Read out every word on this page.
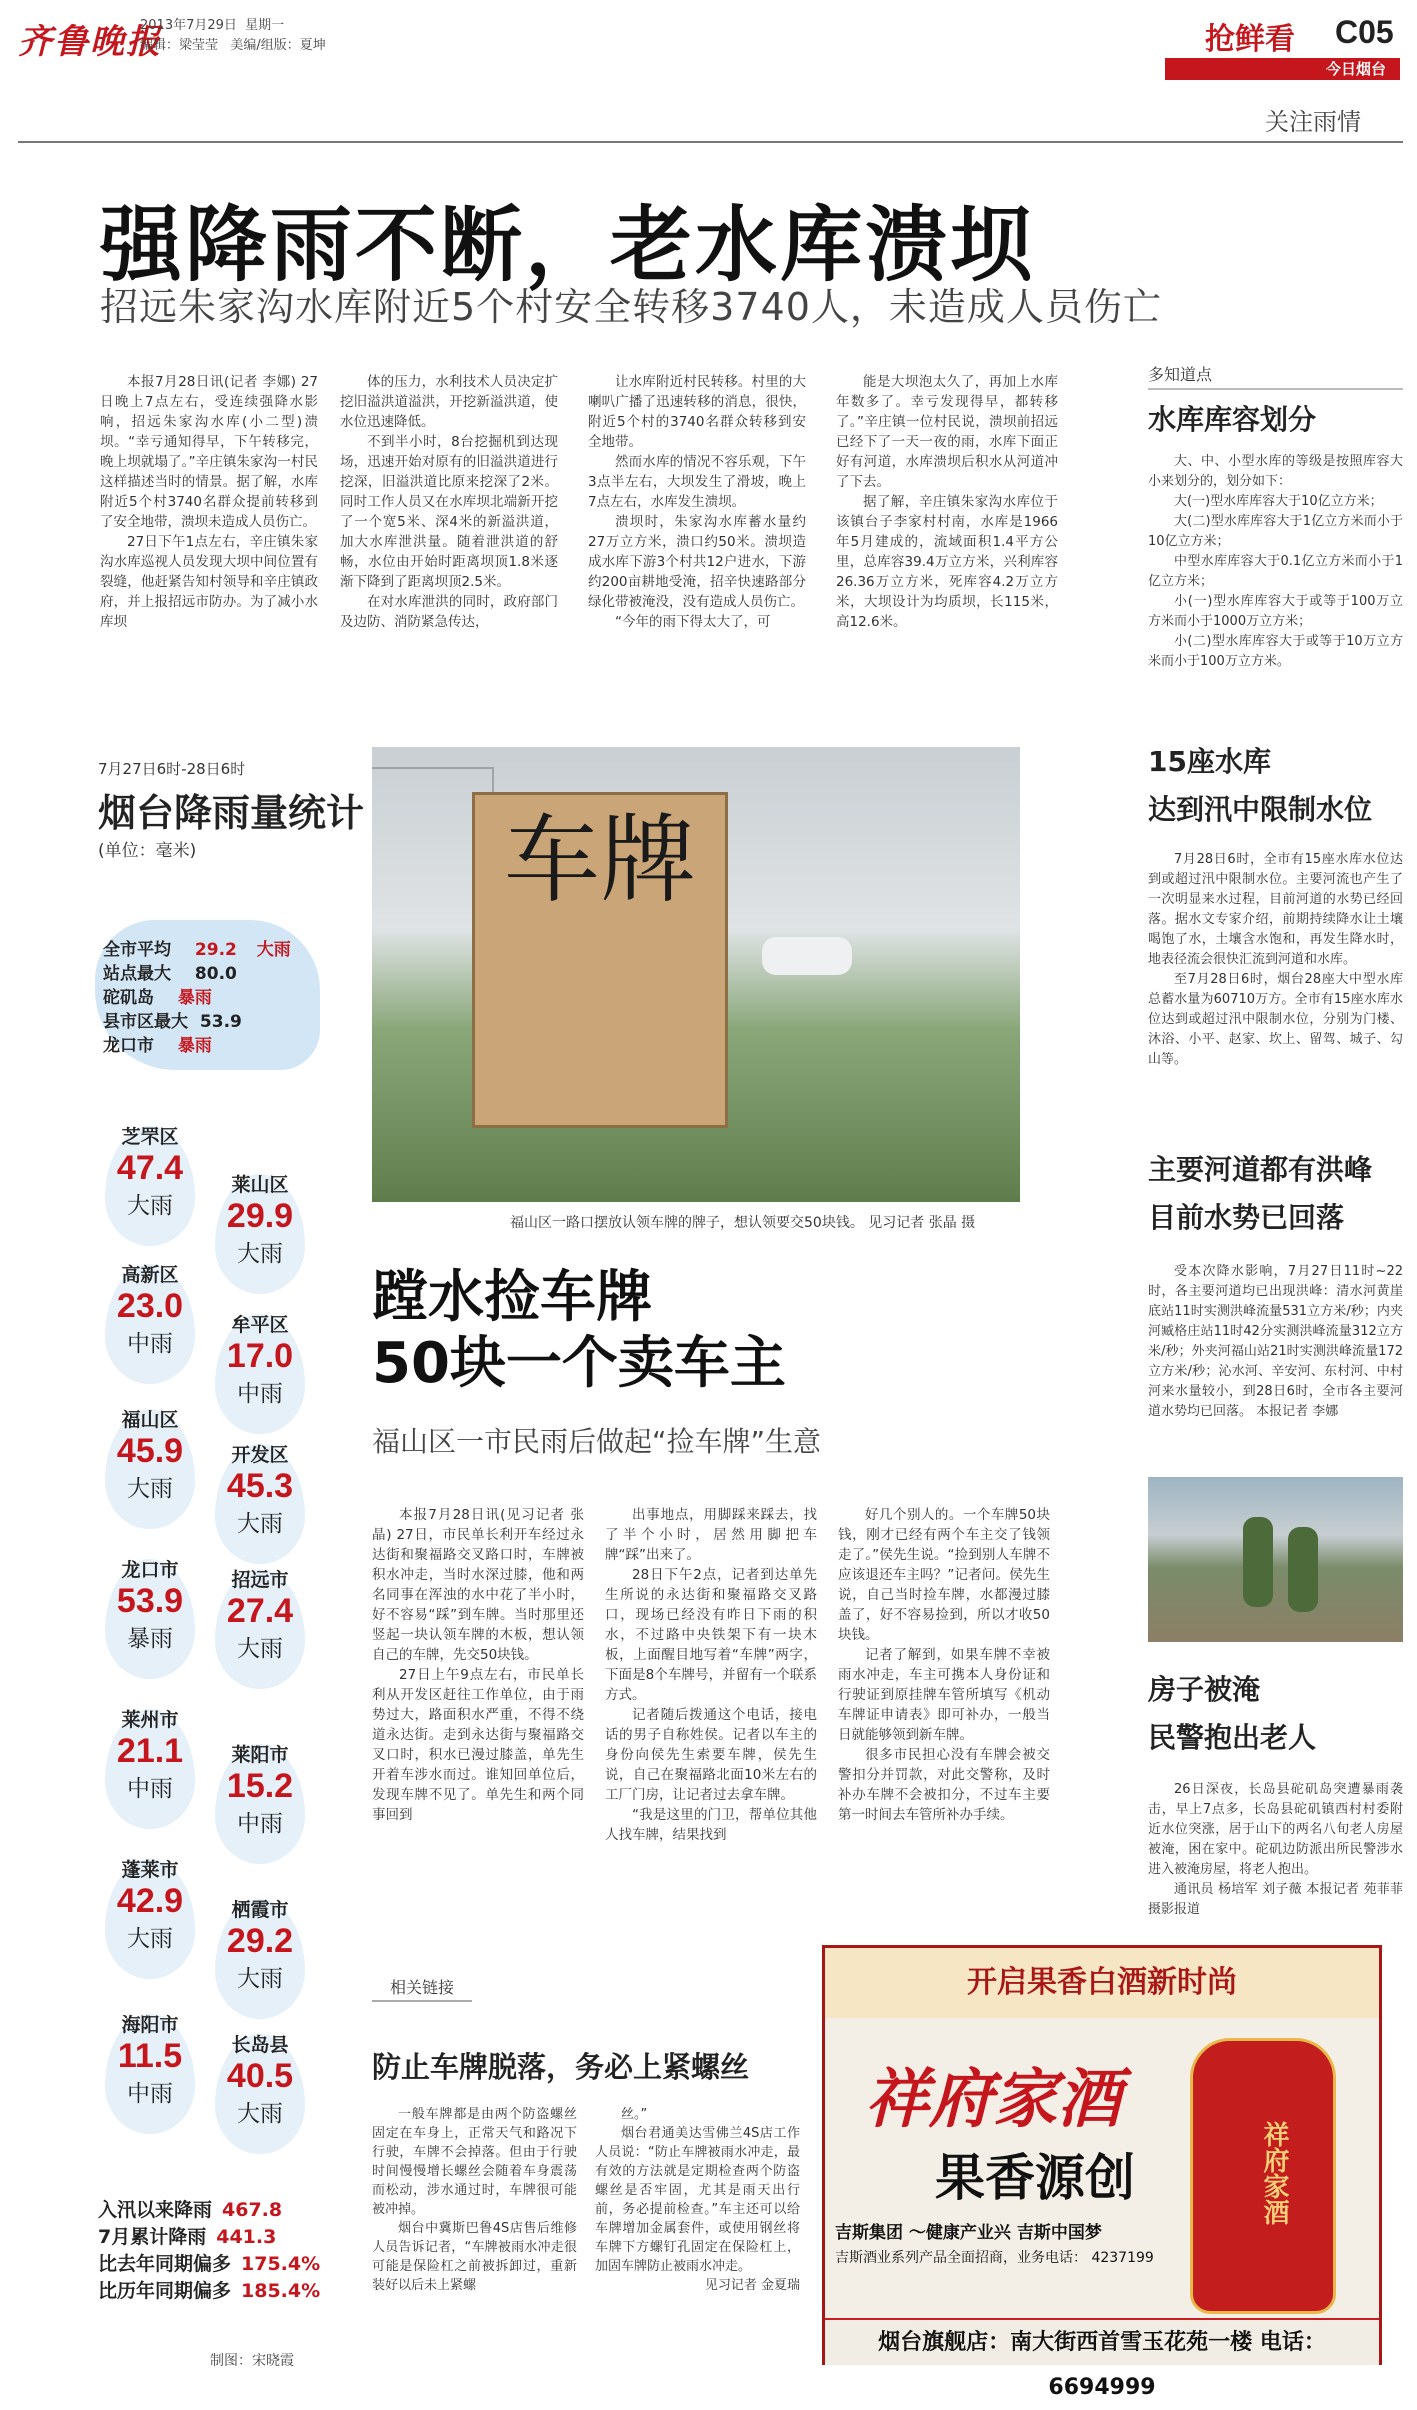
齐鲁晚报
2013年7月29日  星期一
编辑：梁莹莹   美编/组版：夏坤	抢鲜看 C05
今日烟台
关注雨情
强降雨不断，老水库溃坝
招远朱家沟水库附近5个村安全转移3740人，未造成人员伤亡

本报7月28日讯(记者 李娜) 27日晚上7点左右，受连续强降水影响，招远朱家沟水库(小二型)溃坝。“幸亏通知得早，下午转移完，晚上坝就塌了。”辛庄镇朱家沟一村民这样描述当时的情景。据了解，水库附近5个村3740名群众提前转移到了安全地带，溃坝未造成人员伤亡。

27日下午1点左右，辛庄镇朱家沟水库巡视人员发现大坝中间位置有裂缝，他赶紧告知村领导和辛庄镇政府，并上报招远市防办。为了减小水库坝

体的压力，水利技术人员决定扩挖旧溢洪道溢洪，开挖新溢洪道，使水位迅速降低。

不到半小时，8台挖掘机到达现场，迅速开始对原有的旧溢洪道进行挖深，旧溢洪道比原来挖深了2米。同时工作人员又在水库坝北端新开挖了一个宽5米、深4米的新溢洪道，加大水库泄洪量。随着泄洪道的舒畅，水位由开始时距离坝顶1.8米逐渐下降到了距离坝顶2.5米。

在对水库泄洪的同时，政府部门及边防、消防紧急传达，

让水库附近村民转移。村里的大喇叭广播了迅速转移的消息，很快，附近5个村的3740名群众转移到安全地带。

然而水库的情况不容乐观，下午3点半左右，大坝发生了滑坡，晚上7点左右，水库发生溃坝。

溃坝时，朱家沟水库蓄水量约27万立方米，溃口约50米。溃坝造成水库下游3个村共12户进水，下游约200亩耕地受淹，招辛快速路部分绿化带被淹没，没有造成人员伤亡。

“今年的雨下得太大了，可

能是大坝泡太久了，再加上水库年数多了。幸亏发现得早，都转移了。”辛庄镇一位村民说，溃坝前招远已经下了一天一夜的雨，水库下面正好有河道，水库溃坝后积水从河道冲了下去。

据了解，辛庄镇朱家沟水库位于该镇台子李家村村南，水库是1966年5月建成的，流域面积1.4平方公里，总库容39.4万立方米，兴利库容26.36万立方米，死库容4.2万立方米，大坝设计为均质坝，长115米，高12.6米。

多知道点
水库库容划分

大、中、小型水库的等级是按照库容大小来划分的，划分如下：

大(一)型水库库容大于10亿立方米；

大(二)型水库库容大于1亿立方米而小于10亿立方米；

中型水库库容大于0.1亿立方米而小于1亿立方米；

小(一)型水库库容大于或等于100万立方米而小于1000万立方米；

小(二)型水库库容大于或等于10万立方米而小于100万立方米。

15座水库
达到汛中限制水位

7月28日6时，全市有15座水库水位达到或超过汛中限制水位。主要河流也产生了一次明显来水过程，目前河道的水势已经回落。据水文专家介绍，前期持续降水让土壤喝饱了水，土壤含水饱和，再发生降水时，地表径流会很快汇流到河道和水库。

至7月28日6时，烟台28座大中型水库总蓄水量为60710万方。全市有15座水库水位达到或超过汛中限制水位，分别为门楼、沐浴、小平、赵家、坎上、留驾、城子、勾山等。

主要河道都有洪峰
目前水势已回落

受本次降水影响，7月27日11时~22时，各主要河道均已出现洪峰：清水河黄崖底站11时实测洪峰流量531立方米/秒；内夹河臧格庄站11时42分实测洪峰流量312立方米/秒；外夹河福山站21时实测洪峰流量172立方米/秒；沁水河、辛安河、东村河、中村河来水量较小，到28日6时，全市各主要河道水势均已回落。 本报记者 李娜

房子被淹
民警抱出老人

26日深夜，长岛县砣矶岛突遭暴雨袭击，早上7点多，长岛县砣矶镇西村村委附近水位突涨，居于山下的两名八旬老人房屋被淹，困在家中。砣矶边防派出所民警涉水进入被淹房屋，将老人抱出。

通讯员 杨培军 刘子薇 本报记者 苑菲菲 摄影报道

7月27日6时-28日6时
烟台降雨量统计
(单位：毫米)
全市平均 29.2 大雨
站点最大 80.0
砣矶岛 暴雨
县市区最大 53.9
龙口市 暴雨
芝罘区
47.4
大雨
莱山区
29.9
大雨
高新区
23.0
中雨
牟平区
17.0
中雨
福山区
45.9
大雨
开发区
45.3
大雨
龙口市
53.9
暴雨
招远市
27.4
大雨
莱州市
21.1
中雨
莱阳市
15.2
中雨
蓬莱市
42.9
大雨
栖霞市
29.2
大雨
海阳市
11.5
中雨
长岛县
40.5
大雨
入汛以来降雨 467.8
7月累计降雨 441.3
比去年同期偏多 175.4%
比历年同期偏多 185.4%
制图：宋晓霞
车牌
福山区一路口摆放认领车牌的牌子，想认领要交50块钱。 见习记者 张晶 摄
蹚水捡车牌
50块一个卖车主
福山区一市民雨后做起“捡车牌”生意

本报7月28日讯(见习记者 张晶) 27日，市民单长利开车经过永达街和聚福路交叉路口时，车牌被积水冲走，当时水深过膝，他和两名同事在浑浊的水中花了半小时，好不容易“踩”到车牌。当时那里还竖起一块认领车牌的木板，想认领自己的车牌，先交50块钱。

27日上午9点左右，市民单长利从开发区赶往工作单位，由于雨势过大，路面积水严重，不得不绕道永达街。走到永达街与聚福路交叉口时，积水已漫过膝盖，单先生开着车涉水而过。谁知回单位后，发现车牌不见了。单先生和两个同事回到

出事地点，用脚踩来踩去，找了半个小时，居然用脚把车牌“踩”出来了。

28日下午2点，记者到达单先生所说的永达街和聚福路交叉路口，现场已经没有昨日下雨的积水，不过路中央铁架下有一块木板，上面醒目地写着“车牌”两字，下面是8个车牌号，并留有一个联系方式。

记者随后拨通这个电话，接电话的男子自称姓侯。记者以车主的身份向侯先生索要车牌，侯先生说，自己在聚福路北面10米左右的工厂门房，让记者过去拿车牌。

“我是这里的门卫，帮单位其他人找车牌，结果找到

好几个别人的。一个车牌50块钱，刚才已经有两个车主交了钱领走了。”侯先生说。“捡到别人车牌不应该退还车主吗？”记者问。侯先生说，自己当时捡车牌，水都漫过膝盖了，好不容易捡到，所以才收50块钱。

记者了解到，如果车牌不幸被雨水冲走，车主可携本人身份证和行驶证到原挂牌车管所填写《机动车牌证申请表》即可补办，一般当日就能够领到新车牌。

很多市民担心没有车牌会被交警扣分并罚款，对此交警称，及时补办车牌不会被扣分，不过车主要第一时间去车管所补办手续。

相关链接
防止车牌脱落，务必上紧螺丝

一般车牌都是由两个防盗螺丝固定在车身上，正常天气和路况下行驶，车牌不会掉落。但由于行驶时间慢慢增长螺丝会随着车身震荡而松动，涉水通过时，车牌很可能被冲掉。

烟台中冀斯巴鲁4S店售后维修人员告诉记者，“车牌被雨水冲走很可能是保险杠之前被拆卸过，重新装好以后未上紧螺

丝。”

烟台君通美达雪佛兰4S店工作人员说：“防止车牌被雨水冲走，最有效的方法就是定期检查两个防盗螺丝是否牢固，尤其是雨天出行前，务必提前检查。”车主还可以给车牌增加金属套件，或使用钢丝将车牌下方螺钉孔固定在保险杠上，加固车牌防止被雨水冲走。

见习记者 金夏瑞

开启果香白酒新时尚
祥府家酒
果香源创
吉斯集团 ～健康产业兴 吉斯中国梦
吉斯酒业系列产品全面招商，业务电话： 4237199
祥府家酒
烟台旗舰店：南大街西首雪玉花苑一楼 电话：6694999
